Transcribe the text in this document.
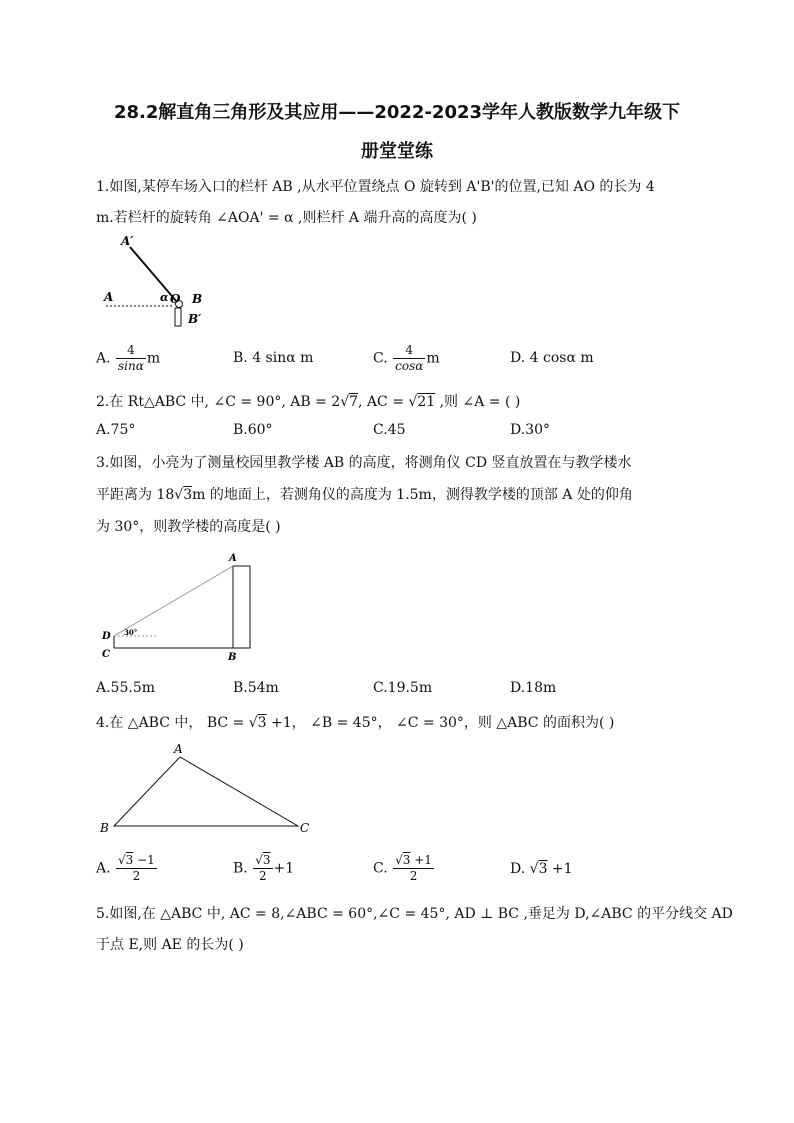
28.2解直角三角形及其应用——2022-2023学年人教版数学九年级下
册堂堂练
1.如图,某停车场入口的栏杆 AB ,从水平位置绕点 O 旋转到 A'B'的位置,已知 AO 的长为 4
m.若栏杆的旋转角 ∠AOA' = α ,则栏杆 A 端升高的高度为( )
A′
A	α O B
B′
A. $\frac{4}{\sin\alpha}$ m	B. 4 sinα m	C. $\frac{4}{\cos\alpha}$ m	D. 4 cosα m
2.在 Rt△ABC 中, ∠C = 90°, AB = 2√7, AC = √21 ,则 ∠A = ( )
A.75°	B.60°	C.45	D.30°
3.如图，小亮为了测量校园里教学楼 AB 的高度，将测角仪 CD 竖直放置在与教学楼水
平距离为 18√3m 的地面上，若测角仪的高度为 1.5m，测得教学楼的顶部 A 处的仰角
为 30°，则教学楼的高度是( )
A
D
C	B
30°
A.55.5m	B.54m	C.19.5m	D.18m
4.在 △ABC 中， BC = √3 +1， ∠B = 45°， ∠C = 30°，则 △ABC 的面积为( )
A
B	C
A. $\frac{√3 -1}{2}$	B. $\frac{√3}{2} +1$	C. $\frac{√3 +1}{2}$	D. √3 +1
5.如图,在 △ABC 中, AC = 8,∠ABC = 60°,∠C = 45°, AD ⊥ BC ,垂足为 D,∠ABC 的平分线交 AD
于点 E,则 AE 的长为( )
